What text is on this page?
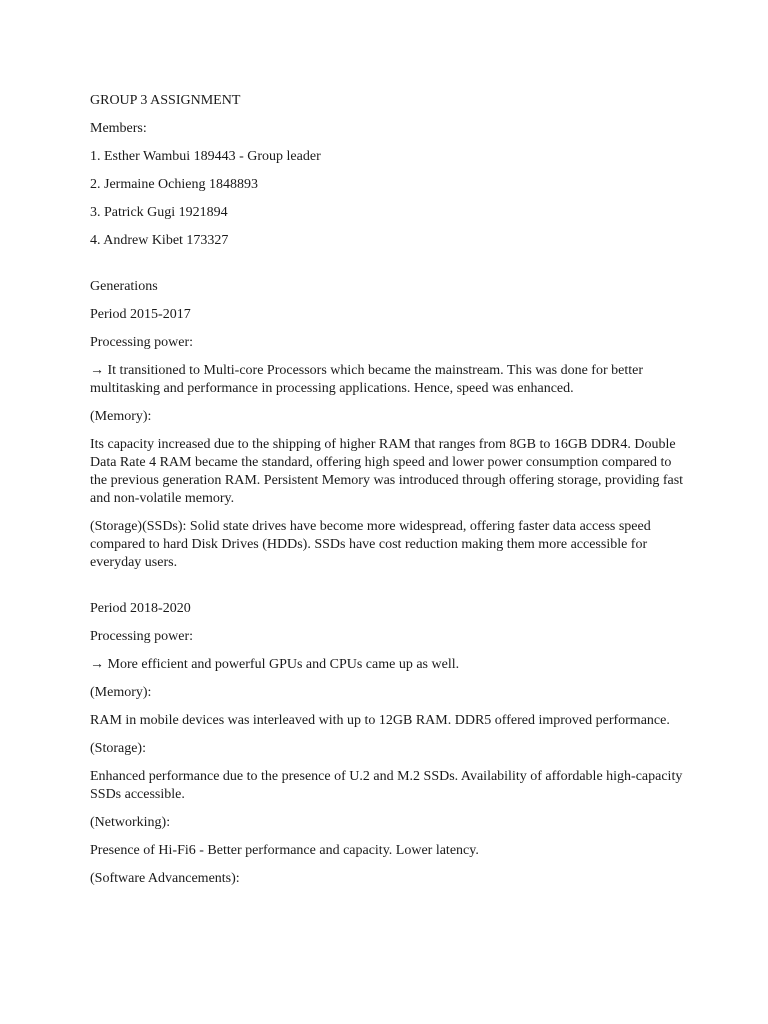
GROUP 3 ASSIGNMENT

Members:

1. Esther Wambui 189443 - Group leader

2. Jermaine Ochieng 1848893

3. Patrick Gugi 1921894

4. Andrew Kibet 173327

Generations

Period 2015-2017

Processing power:

→ It transitioned to Multi-core Processors which became the mainstream. This was done for better multitasking and performance in processing applications. Hence, speed was enhanced.

(Memory):

Its capacity increased due to the shipping of higher RAM that ranges from 8GB to 16GB DDR4. Double Data Rate 4 RAM became the standard, offering high speed and lower power consumption compared to the previous generation RAM. Persistent Memory was introduced through offering storage, providing fast and non-volatile memory.

(Storage)(SSDs): Solid state drives have become more widespread, offering faster data access speed compared to hard Disk Drives (HDDs). SSDs have cost reduction making them more accessible for everyday users.

Period 2018-2020

Processing power:

→ More efficient and powerful GPUs and CPUs came up as well.

(Memory):

RAM in mobile devices was interleaved with up to 12GB RAM. DDR5 offered improved performance.

(Storage):

Enhanced performance due to the presence of U.2 and M.2 SSDs. Availability of affordable high-capacity SSDs accessible.

(Networking):

Presence of Hi-Fi6 - Better performance and capacity. Lower latency.

(Software Advancements):
